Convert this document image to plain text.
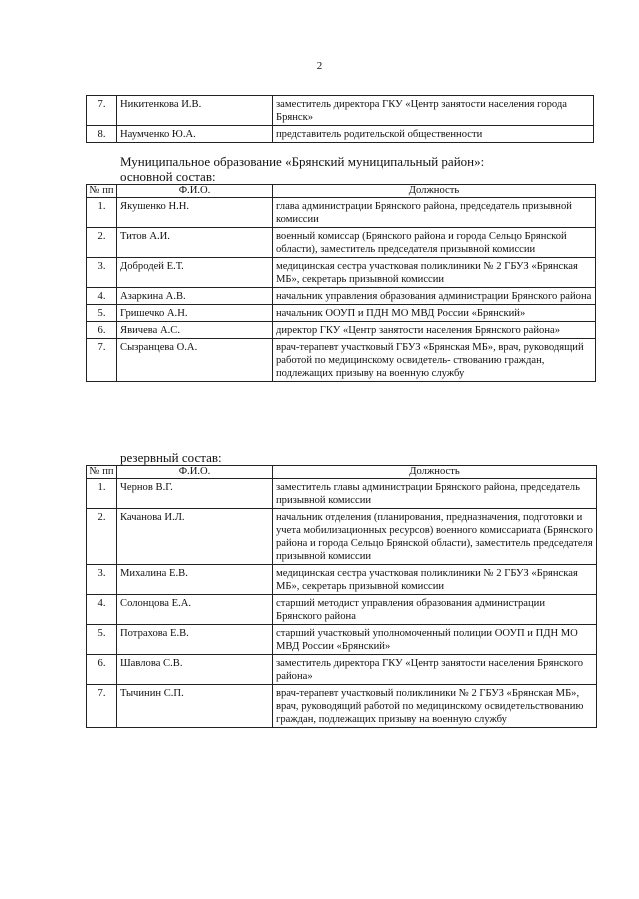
2
7.	Никитенкова И.В.	заместитель директора ГКУ «Центр занятости населения города Брянск»
8.	Наумченко Ю.А.	представитель родительской общественности
Муниципальное образование «Брянский муниципальный район»:
основной состав:
№ пп	Ф.И.О.	Должность
1.	Якушенко Н.Н.	глава администрации Брянского района, председатель призывной комиссии
2.	Титов А.И.	военный комиссар (Брянского района и города Сельцо Брянской области), заместитель председателя призывной комиссии
3.	Добродей Е.Т.	медицинская сестра участковая поликлиники № 2 ГБУЗ «Брянская МБ», секретарь призывной комиссии
4.	Азаркина А.В.	начальник управления образования администрации Брянского района
5.	Гришечко А.Н.	начальник ООУП и ПДН МО МВД России «Брянский»
6.	Явичева А.С.	директор ГКУ «Центр занятости населения Брянского района»
7.	Сызранцева О.А.	врач-терапевт участковый ГБУЗ «Брянская МБ», врач, руководящий работой по медицинскому освидетель- ствованию граждан, подлежащих призыву на военную службу
резервный состав:
№ пп	Ф.И.О.	Должность
1.	Чернов В.Г.	заместитель главы администрации Брянского района, председатель призывной комиссии
2.	Качанова И.Л.	начальник отделения (планирования, предназначения, подготовки и учета мобилизационных ресурсов) военного комиссариата (Брянского района и города Сельцо Брянской области), заместитель председателя призывной комиссии
3.	Михалина Е.В.	медицинская сестра участковая поликлиники № 2 ГБУЗ «Брянская МБ», секретарь призывной комиссии
4.	Солонцова Е.А.	старший методист управления образования администрации Брянского района
5.	Потрахова Е.В.	старший участковый уполномоченный полиции ООУП и ПДН МО МВД России «Брянский»
6.	Шавлова С.В.	заместитель директора ГКУ «Центр занятости населения Брянского района»
7.	Тычинин С.П.	врач-терапевт участковый поликлиники № 2 ГБУЗ «Брянская МБ», врач, руководящий работой по медицинскому освидетельствованию граждан, подлежащих призыву на военную службу
